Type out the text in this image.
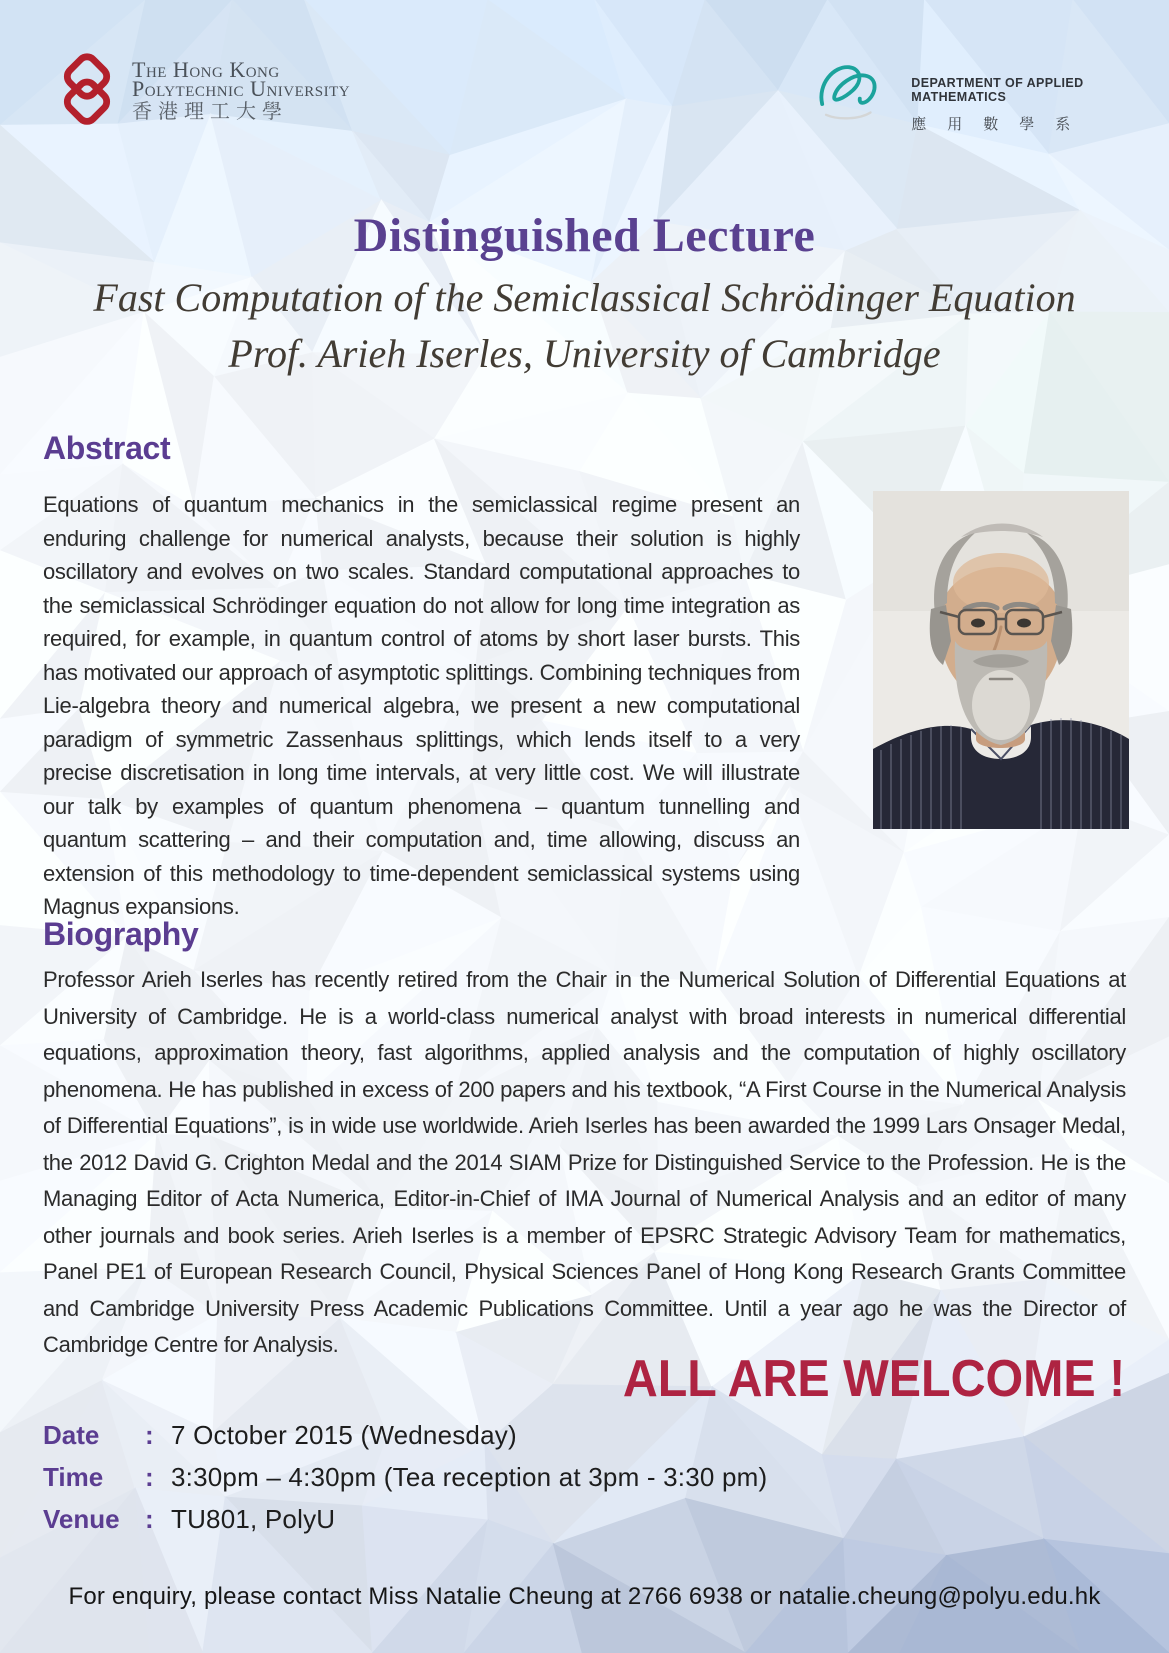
The Hong Kong
Polytechnic University
香港理工大學
DEPARTMENT OF APPLIED MATHEMATICS
應用數學系
Distinguished Lecture
Fast Computation of the Semiclassical Schrödinger Equation
Prof. Arieh Iserles, University of Cambridge
Abstract

Equations of quantum mechanics in the semiclassical regime present an enduring challenge for numerical analysts, because their solution is highly oscillatory and evolves on two scales. Standard computational approaches to the semiclassical Schrödinger equation do not allow for long time integration as required, for example, in quantum control of atoms by short laser bursts. This has motivated our approach of asymptotic splittings. Combining techniques from Lie-algebra theory and numerical algebra, we present a new computational paradigm of symmetric Zassenhaus splittings, which lends itself to a very precise discretisation in long time intervals, at very little cost. We will illustrate our talk by examples of quantum phenomena – quantum tunnelling and quantum scattering – and their computation and, time allowing, discuss an extension of this methodology to time-dependent semiclassical systems using Magnus expansions.

Biography

Professor Arieh Iserles has recently retired from the Chair in the Numerical Solution of Differential Equations at University of Cambridge. He is a world-class numerical analyst with broad interests in numerical differential equations, approximation theory, fast algorithms, applied analysis and the computation of highly oscillatory phenomena. He has published in excess of 200 papers and his textbook, “A First Course in the Numerical Analysis of Differential Equations”, is in wide use worldwide. Arieh Iserles has been awarded the 1999 Lars Onsager Medal, the 2012 David G. Crighton Medal and the 2014 SIAM Prize for Distinguished Service to the Profession. He is the Managing Editor of Acta Numerica, Editor-in-Chief of IMA Journal of Numerical Analysis and an editor of many other journals and book series. Arieh Iserles is a member of EPSRC Strategic Advisory Team for mathematics, Panel PE1 of European Research Council, Physical Sciences Panel of Hong Kong Research Grants Committee and Cambridge University Press Academic Publications Committee. Until a year ago he was the Director of Cambridge Centre for Analysis.

ALL ARE WELCOME !
Date	: 7 October 2015 (Wednesday)
Time	: 3:30pm – 4:30pm (Tea reception at 3pm - 3:30 pm)
Venue : TU801, PolyU
For enquiry, please contact Miss Natalie Cheung at 2766 6938 or natalie.cheung@polyu.edu.hk
